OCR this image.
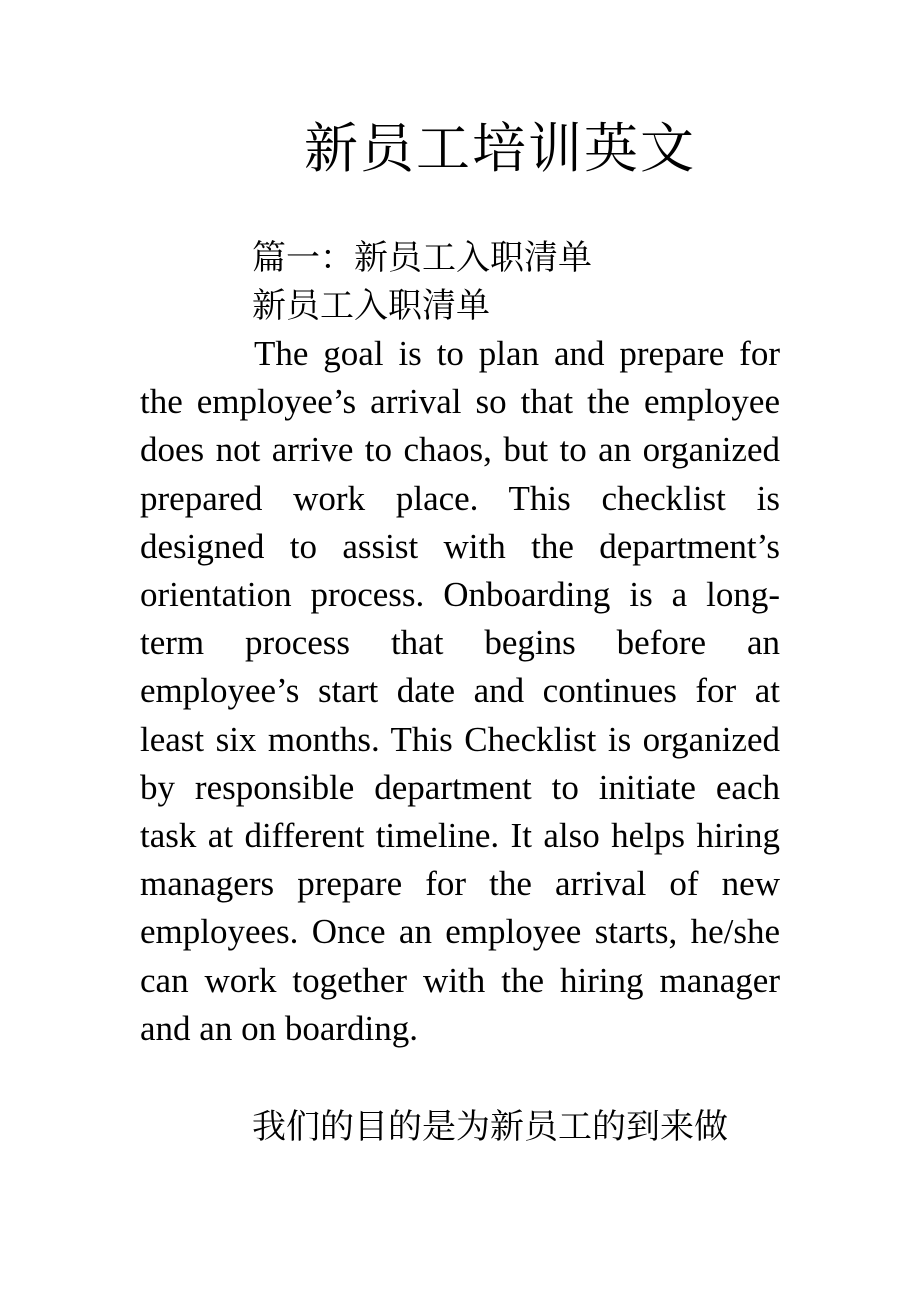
新员工培训英文
篇一：新员工入职清单
新员工入职清单

The goal is to plan and prepare for the employee’s arrival so that the employee does not arrive to chaos, but to an organized prepared work place. This checklist is designed to assist with the department’s orientation process. Onboarding is a long-term process that begins before an employee’s start date and continues for at least six months. This Checklist is organized by responsible department to initiate each task at different timeline. It also helps hiring managers prepare for the arrival of new employees. Once an employee starts, he/she can work together with the hiring manager and an on boarding.

我们的目的是为新员工的到来做
